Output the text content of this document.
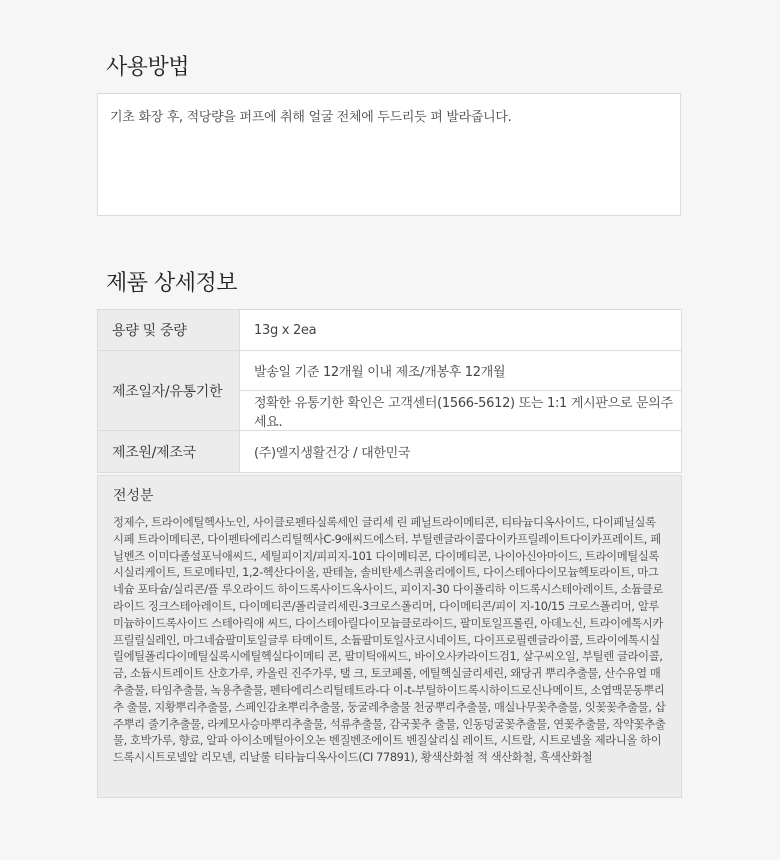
사용방법
기초 화장 후, 적당량을 퍼프에 취해 얼굴 전체에 두드리듯 펴 발라줍니다.
제품 상세정보
용량 및 중량	13g x 2ea
제조일자/유통기한	발송일 기준 12개월 이내 제조/개봉후 12개월
	정확한 유통기한 확인은 고객센터(1566-5612) 또는 1:1 게시판으로 문의주세요.
제조원/제조국	(주)엘지생활건강 / 대한민국
전성분
정제수, 트라이에틸헥사노인, 사이클로펜타실록세인 글리세 린 페닐트라이메티콘, 티타늄디옥사이드, 다이페닐실록시페 트라이메티콘, 다이펜타에리스리틸헥사C-9애씨드에스터. 부틸렌글라이콜다이카프릴레이트다이카프레이트, 페닐벤즈 이미다졸설포닉애씨드, 세틸피이지/피피지-101 다이메티콘, 다이메티콘, 나이아신아마이드, 트라이메틸실록시실리케이트, 트로메타민, 1,2-헥산다이올, 판테놀, 솔비탄세스퀴올리에이트, 다이스테아다이모늄헥토라이트, 마그네슘 포타슘/실리콘/플 루오라이드 하이드록사이드옥사이드, 피이지-30 다이폴리하 이드록시스테아레이트, 소듐클로라이드 징크스테아레이트, 다이메티콘/폴리글리세린-3크로스폴리머, 다이메티콘/피이 지-10/15 크로스폴리머, 알루미늄하이드록사이드 스테아릭애 씨드, 다이스테아릴다이모늄클로라이드, 팔미토일프롤린, 아데노신, 트라이에톡시카프릴릴실레인, 마그네슘팔미토일글루 타메이트, 소듐팔미토일사코시네이트, 다이프로필렌글라이콜, 트라이에톡시실릴에틸폴리다이메틸실록시에틸헥실다이메티 콘, 팔미틱애씨드, 바이오사카라이드검1, 살구씨오일, 부틸렌 글라이콜, 금, 소듐시트레이트 산호가루, 카올린 진주가루, 탤 크, 토코페롤, 에틸헥실글리세린, 왜당귀 뿌리추출물, 산수유열 매추출물, 타임추출물, 녹용추출물, 펜타에리스리틸테트라-다 이-t-부틸하이드록시하이드로신나메이트, 소엽맥문동뿌리추 출물, 지황뿌리추출물, 스페인감초뿌리추출물, 둥굴레추출물 천궁뿌리추출물, 매실나무꽃추출물, 잇꽃꽃추출물, 삽주뿌리 줄기추출물, 라케모사승마뿌리추출물, 석류추출물, 감국꽃추 출물, 인동덩굴꽃추출물, 연꽃추출물, 작약꽃추출물, 호박가루, 향료, 알파 아이소메틸아이오논 벤질벤조에이트 벤질살리실 레이트, 시트랄, 시트로넬올 제라니올 하이드록시시트로넬알 리모넨, 리날룰 티타늄디옥사이드(CI 77891), 황색산화철 적 색산화철, 흑색산화철
